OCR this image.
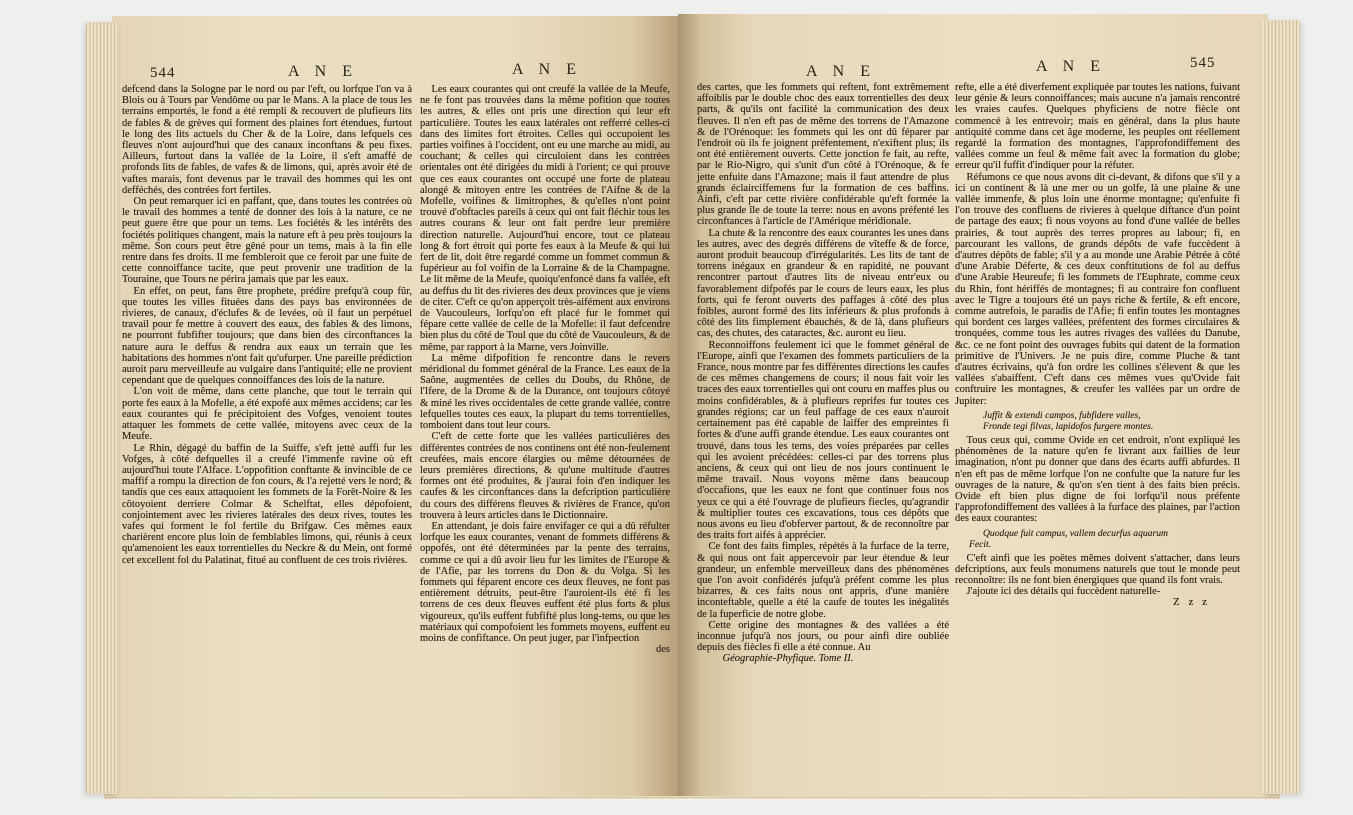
544	A N E	A N E

defcend dans la Sologne par le nord ou par l'eft, ou lorfque l'on va à Blois ou à Tours par Vendôme ou par le Mans. A la place de tous les terrains emportés, le fond a été rempli & recouvert de plufieurs lits de fables & de grèves qui forment des plaines fort étendues, furtout le long des lits actuels du Cher & de la Loire, dans lefquels ces fleuves n'ont aujourd'hui que des canaux inconftans & peu fixes. Ailleurs, furtout dans la vallée de la Loire, il s'eft amaffé de profonds lits de fables, de vafes & de limons, qui, après avoir été de vaftes marais, font devenus par le travail des hommes qui les ont defféchés, des contrées fort fertiles.

On peut remarquer ici en paffant, que, dans toutes les contrées où le travail des hommes a tenté de donner des lois à la nature, ce ne peut guere être que pour un tems. Les fociétés & les intérêts des fociétés politiques changent, mais la nature eft à peu près toujours la même. Son cours peut être gêné pour un tems, mais à la fin elle rentre dans fes droits. Il me fembleroit que ce feroit par une fuite de cette connoiffance tacite, que peut provenir une tradition de la Touraine, que Tours ne périra jamais que par les eaux.

En effet, on peut, fans être prophete, prédire prefqu'à coup fûr, que toutes les villes fituées dans des pays bas environnées de rivieres, de canaux, d'éclufes & de levées, où il faut un perpétuel travail pour fe mettre à couvert des eaux, des fables & des limons, ne pourront fubfifter toujours; que dans bien des circonftances la nature aura le deffus & rendra aux eaux un terrain que les habitations des hommes n'ont fait qu'ufurper. Une pareille prédiction auroit paru merveilleufe au vulgaire dans l'antiquité; elle ne provient cependant que de quelques connoiffances des lois de la nature.

L'on voit de même, dans cette planche, que tout le terrain qui porte fes eaux à la Mofelle, a été expofé aux mêmes accidens; car les eaux courantes qui fe précipitoient des Vofges, venoient toutes attaquer les fommets de cette vallée, mitoyens avec ceux de la Meufe.

Le Rhin, dégagé du baffin de la Suiffe, s'eft jetté auffi fur les Vofges, à côté defquelles il a creufé l'immenfe ravine où eft aujourd'hui toute l'Alface. L'oppofition conftante & invincible de ce maffif a rompu la direction de fon cours, & l'a rejetté vers le nord; & tandis que ces eaux attaquoient les fommets de la Forêt-Noire & les côtoyoient derriere Colmar & Schelftat, elles dépofoient, conjointement avec les rivieres latérales des deux rives, toutes les vafes qui forment le fol fertile du Brifgaw. Ces mêmes eaux charièrent encore plus loin de femblables limons, qui, réunis à ceux qu'amenoient les eaux torrentielles du Neckre & du Mein, ont formé cet excellent fol du Palatinat, fitué au confluent de ces trois rivières.

Les eaux courantes qui ont creufé la vallée de la Meufe, ne fe font pas trouvées dans la même pofition que toutes les autres, & elles ont pris une direction qui leur eft particulière. Toutes les eaux latérales ont refferré celles-ci dans des limites fort étroites. Celles qui occupoient les parties voifines à l'occident, ont eu une marche au midi, au couchant; & celles qui circuloient dans les contrées orientales ont été dirigées du midi à l'orient; ce qui prouve que ces eaux courantes ont occupé une forte de plateau alongé & mitoyen entre les contrées de l'Aifne & de la Mofelle, voifines & limitrophes, & qu'elles n'ont point trouvé d'obftacles pareils à ceux qui ont fait fléchir tous les autres courans & leur ont fait perdre leur première direction naturelle. Aujourd'hui encore, tout ce plateau long & fort étroit qui porte fes eaux à la Meufe & qui lui fert de lit, doit être regardé comme un fommet commun & fupérieur au fol voifin de la Lorraine & de la Champagne. Le lit même de la Meufe, quoiqu'enfoncé dans fa vallée, eft au deffus du lit des rivieres des deux provinces que je viens de citer. C'eft ce qu'on apperçoit très-aifément aux environs de Vaucouleurs, lorfqu'on eft placé fur le fommet qui fépare cette vallée de celle de la Mofelle: il faut defcendre bien plus du côté de Toul que du côté de Vaucouleurs, & de même, par rapport à la Marne, vers Joinville.

La même difpofition fe rencontre dans le revers méridional du fommet général de la France. Les eaux de la Saône, augmentées de celles du Doubs, du Rhône, de l'Ifere, de la Drome & de la Durance, ont toujours côtoyé & miné les rives occidentales de cette grande vallée, contre lefquelles toutes ces eaux, la plupart du tems torrentielles, tomboient dans tout leur cours.

C'eft de cette forte que les vallées particulières des différentes contrées de nos continens ont été non-feulement creufées, mais encore élargies ou même détournées de leurs premières directions, & qu'une multitude d'autres formes ont été produites, & j'aurai foin d'en indiquer les caufes & les circonftances dans la defcription particulière du cours des différens fleuves & rivières de France, qu'on trouvera à leurs articles dans le Dictionnaire.

En attendant, je dois faire envifager ce qui a dû réfulter lorfque les eaux courantes, venant de fommets différens & oppofés, ont été déterminées par la pente des terrains, comme ce qui a dû avoir lieu fur les limites de l'Europe & de l'Afie, par les torrens du Don & du Volga. Si les fommets qui féparent encore ces deux fleuves, ne font pas entièrement détruits, peut-être l'auroient-ils été fi les torrens de ces deux fleuves euffent été plus forts & plus vigoureux, qu'ils euffent fubfifté plus long-tems, ou que les matériaux qui compofoient les fommets moyens, euffent eu moins de confiftance. On peut juger, par l'infpection

des

A N E	A N E	545

des cartes, que les fommets qui reftent, font extrêmement affoiblis par le double choc des eaux torrentielles des deux parts, & qu'ils ont facilité la communication des deux fleuves. Il n'en eft pas de même des torrens de l'Amazone & de l'Orénoque: les fommets qui les ont dû féparer par l'endroit où ils fe joignent préfentement, n'exiftent plus; ils ont été entièrement ouverts. Cette jonction fe fait, au refte, par le Rio-Nigro, qui s'unit d'un côté à l'Orénoque, & fe jette enfuite dans l'Amazone; mais il faut attendre de plus grands éclairciffemens fur la formation de ces baffins. Ainfi, c'eft par cette rivière confidérable qu'eft formée la plus grande île de toute la terre: nous en avons préfenté les circonftances à l'article de l'Amérique méridionale.

La chute & la rencontre des eaux courantes les unes dans les autres, avec des degrés différens de vîteffe & de force, auront produit beaucoup d'irrégularités. Les lits de tant de torrens inégaux en grandeur & en rapidité, ne pouvant rencontrer partout d'autres lits de niveau entr'eux ou favorablement difpofés par le cours de leurs eaux, les plus forts, qui fe feront ouverts des paffages à côté des plus foibles, auront formé des lits inférieurs & plus profonds à côté des lits fimplement ébauchés, & de là, dans plufieurs cas, des chutes, des cataractes, &c. auront eu lieu.

Reconnoiffons feulement ici que le fommet général de l'Europe, ainfi que l'examen des fommets particuliers de la France, nous montre par fes différentes directions les caufes de ces mêmes changemens de cours; il nous fait voir les traces des eaux torrentielles qui ont couru en maffes plus ou moins confidérables, & à plufieurs reprifes fur toutes ces grandes régions; car un feul paffage de ces eaux n'auroit certainement pas été capable de laiffer des empreintes fi fortes & d'une auffi grande étendue. Les eaux courantes ont trouvé, dans tous les tems, des voies préparées par celles qui les avoient précédées: celles-ci par des torrens plus anciens, & ceux qui ont lieu de nos jours continuent le même travail. Nous voyons même dans beaucoup d'occafions, que les eaux ne font que continuer fous nos yeux ce qui a été l'ouvrage de plufieurs fiecles, qu'agrandir & multiplier toutes ces excavations, tous ces dépôts que nous avons eu lieu d'obferver partout, & de reconnoître par des traits fort aifés à apprécier.

Ce font des faits fimples, répétés à la furface de la terre, & qui nous ont fait appercevoir par leur étendue & leur grandeur, un enfemble merveilleux dans des phénomènes que l'on avoit confidérés jufqu'à préfent comme les plus bizarres, & ces faits nous ont appris, d'une manière inconteftable, quelle a été la caufe de toutes les inégalités de la fuperficie de notre globe.

Cette origine des montagnes & des vallées a été inconnue jufqu'à nos jours, ou pour ainfi dire oubliée depuis des fiècles fi elle a été connue. Au

Géographie-Phyfique. Tome II.

refte, elle a été diverfement expliquée par toutes les nations, fuivant leur génie & leurs connoiffances; mais aucune n'a jamais rencontré les vraies caufes. Quelques phyficiens de notre fiècle ont commencé à les entrevoir; mais en général, dans la plus haute antiquité comme dans cet âge moderne, les peuples ont réellement regardé la formation des montagnes, l'approfondiffement des vallées comme un feul & même fait avec la formation du globe; erreur qu'il fuffit d'indiquer pour la réfuter.

Réfumons ce que nous avons dit ci-devant, & difons que s'il y a ici un continent & là une mer ou un golfe, là une plaine & une vallée immenfe, & plus loin une énorme montagne; qu'enfuite fi l'on trouve des confluens de rivieres à quelque diftance d'un point de partage des eaux; fi nous voyons au fond d'une vallée de belles prairies, & tout auprès des terres propres au labour; fi, en parcourant les vallons, de grands dépôts de vafe fuccèdent à d'autres dépôts de fable; s'il y a au monde une Arabie Pétrée à côté d'une Arabie Déferte, & ces deux conftitutions de fol au deffus d'une Arabie Heureufe; fi les fommets de l'Euphrate, comme ceux du Rhin, font hériffés de montagnes; fi au contraire fon confluent avec le Tigre a toujours été un pays riche & fertile, & eft encore, comme autrefois, le paradis de l'Afie; fi enfin toutes les montagnes qui bordent ces larges vallées, préfentent des formes circulaires & tronquées, comme tous les autres rivages des vallées du Danube, &c. ce ne font point des ouvrages fubits qui datent de la formation primitive de l'Univers. Je ne puis dire, comme Pluche & tant d'autres écrivains, qu'à fon ordre les collines s'élevent & que les vallées s'abaiffent. C'eft dans ces mêmes vues qu'Ovide fait conftruire les montagnes, & creufer les vallées par un ordre de Jupiter:

Juffit & extendi campos, fubfidere valles,
Fronde tegi filvas, lapidofos furgere montes.

Tous ceux qui, comme Ovide en cet endroit, n'ont expliqué les phénomènes de la nature qu'en fe livrant aux faillies de leur imagination, n'ont pu donner que dans des écarts auffi abfurdes. Il n'en eft pas de même lorfque l'on ne confulte que la nature fur les ouvrages de la nature, & qu'on s'en tient à des faits bien précis. Ovide eft bien plus digne de foi lorfqu'il nous préfente l'approfondiffement des vallées à la furface des plaines, par l'action des eaux courantes:

Quodque fuit campus, vallem decurfus aquarum
Fecit.

C'eft ainfi que les poëtes mêmes doivent s'attacher, dans leurs defcriptions, aux feuls monumens naturels que tout le monde peut reconnoître: ils ne font bien énergiques que quand ils font vrais.

J'ajoute ici des détails qui fuccèdent naturelle-

Z z z
